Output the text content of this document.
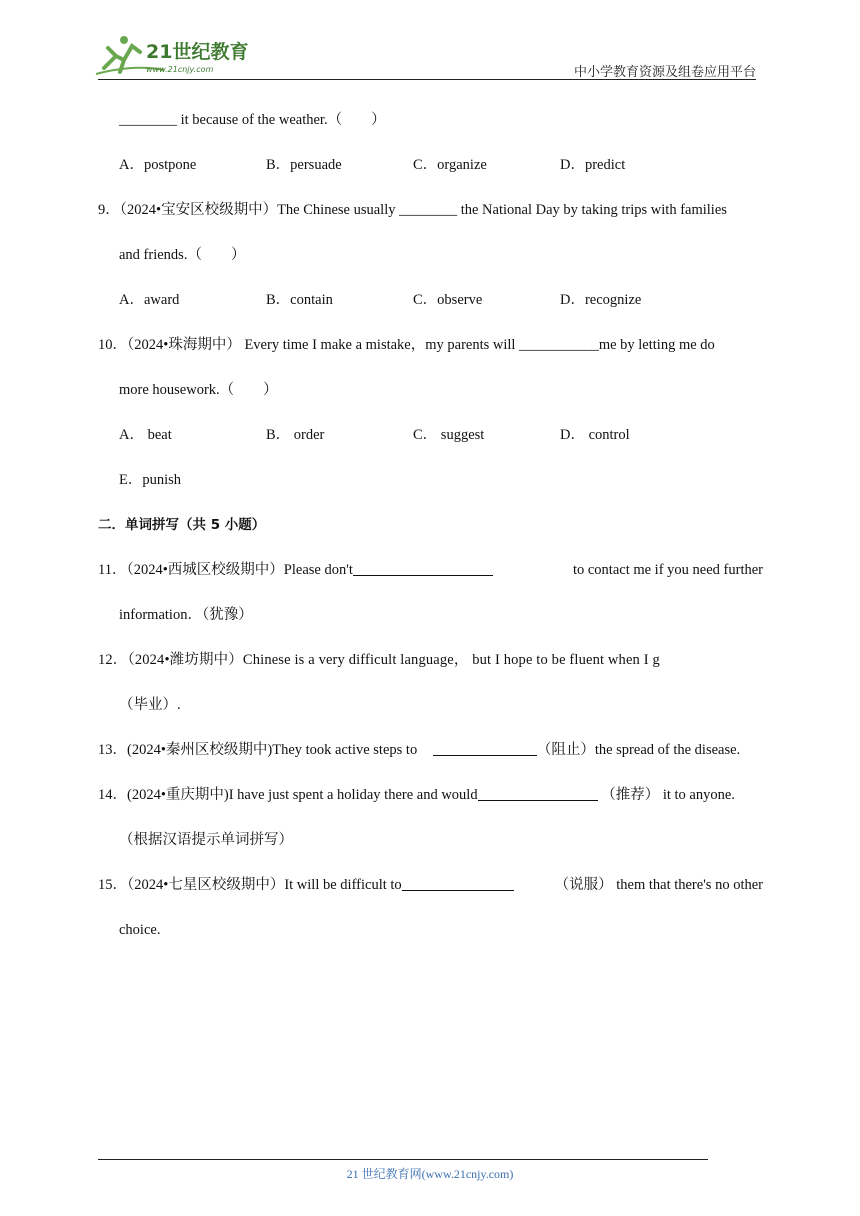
21世纪教育
www.21cnjy.com	中小学教育资源及组卷应用平台
________ it because of the weather.（　　）
A．postpone	B．persuade	C．organize	D．predict
9．（2024•宝安区校级期中）The Chinese usually ________ the National Day by taking trips with families
and friends.（　　）
A．award	B．contain	C．observe	D．recognize
10．（2024•珠海期中） Every time I make a mistake，my parents will ___________me by letting me do
more housework.（　　）
A． beat	B． order	C． suggest	D． control
E．punish
二．单词拼写（共 5 小题）
11．（2024•西城区校级期中）Please don't	to contact me if you need further
information．（犹豫）
12．（2024•潍坊期中）Chinese is a very difficult language， but I hope to be fluent when I g
（毕业）.
13．(2024•秦州区校级期中)They took active steps to	（阻止）the spread of the disease.
14．(2024•重庆期中)I have just spent a holiday there and would	（推荐） it to anyone.
（根据汉语提示单词拼写）
15．（2024•七星区校级期中）It will be difficult to	（说服） them that there's no other
choice.
21 世纪教育网(www.21cnjy.com)
